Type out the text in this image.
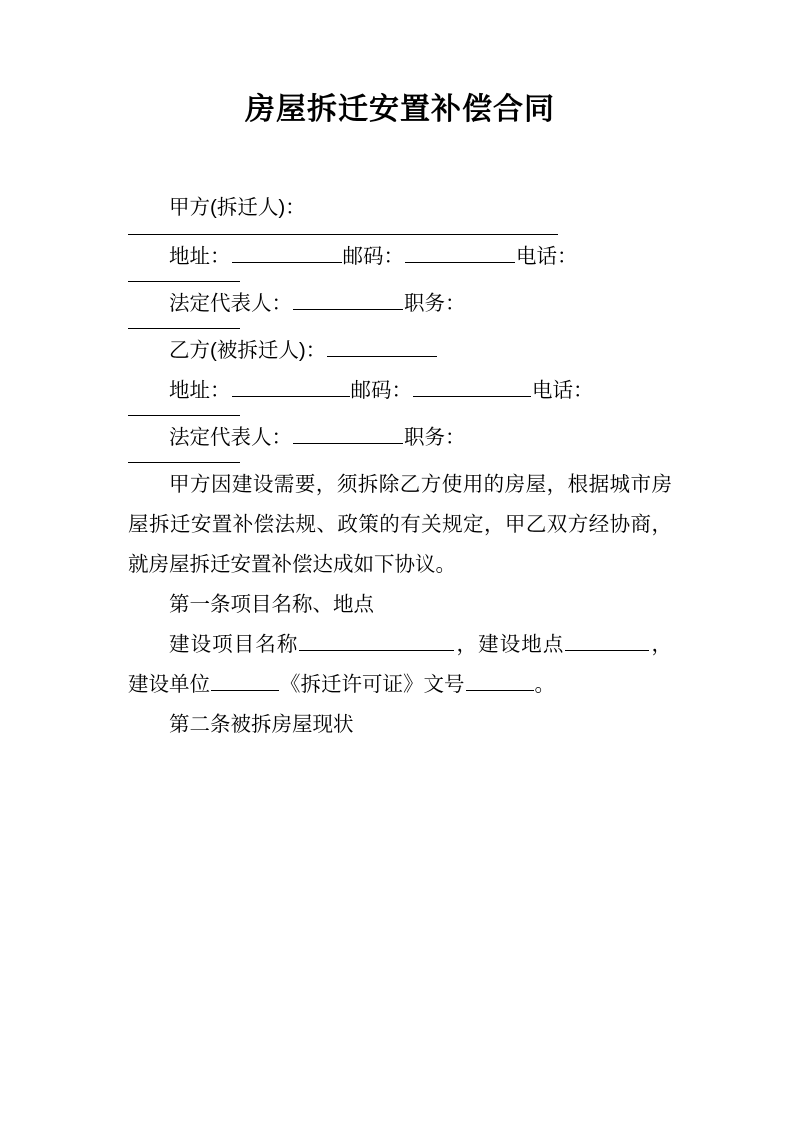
房屋拆迁安置补偿合同

甲方(拆迁人)：

地址：	邮码：	电话：

法定代表人：	职务：

乙方(被拆迁人)：

地址：	邮码：	电话：

法定代表人：	职务：

甲方因建设需要，须拆除乙方使用的房屋，根据城市房屋拆迁安置补偿法规、政策的有关规定，甲乙双方经协商，就房屋拆迁安置补偿达成如下协议。

第一条项目名称、地点

建设项目名称	，建设地点	，建设单位	《拆迁许可证》文号	。

第二条被拆房屋现状
